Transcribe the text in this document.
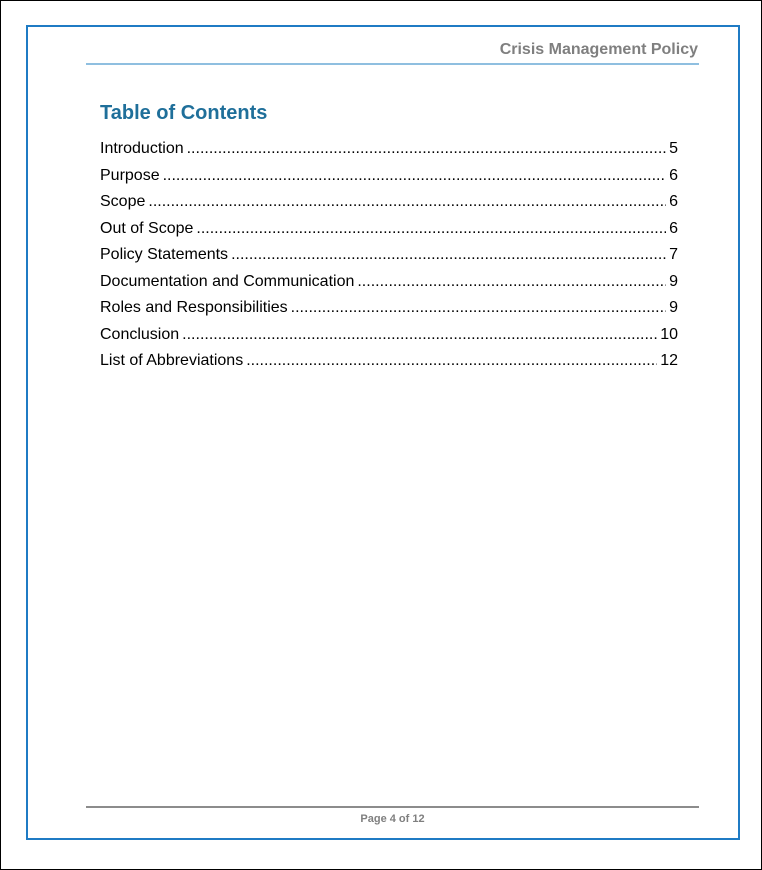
Crisis Management Policy
Table of Contents
Introduction .....	5
Purpose .....	6
Scope .....	6
Out of Scope .....	6
Policy Statements .....	7
Documentation and Communication .....	9
Roles and Responsibilities .....	9
Conclusion .....	10
List of Abbreviations .....	12
Page 4 of 12
